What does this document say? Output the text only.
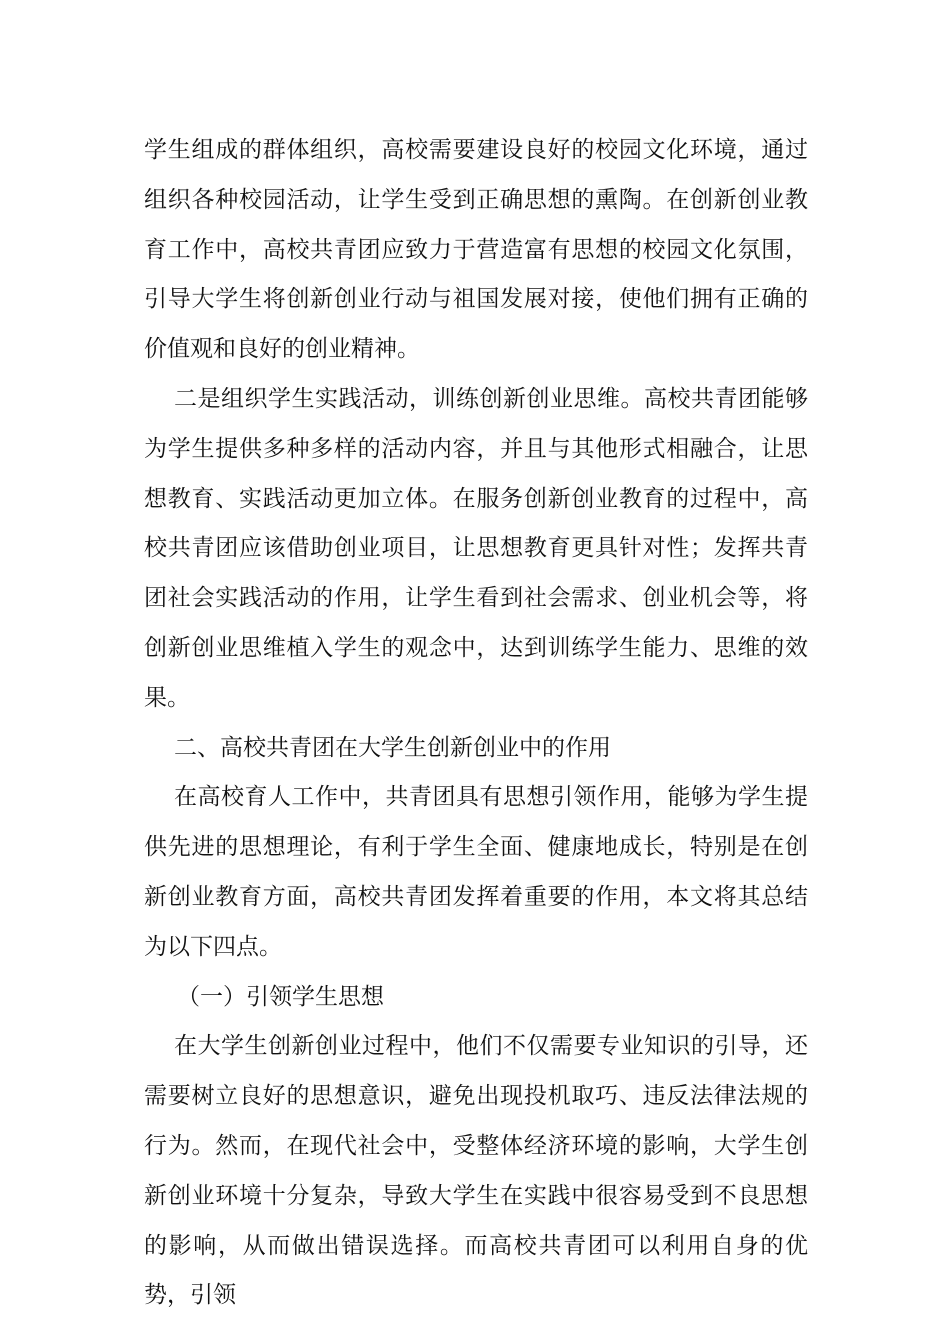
学生组成的群体组织，高校需要建设良好的校园文化环境，通过组织各种校园活动，让学生受到正确思想的熏陶。在创新创业教育工作中，高校共青团应致力于营造富有思想的校园文化氛围，引导大学生将创新创业行动与祖国发展对接，使他们拥有正确的价值观和良好的创业精神。

二是组织学生实践活动，训练创新创业思维。高校共青团能够为学生提供多种多样的活动内容，并且与其他形式相融合，让思想教育、实践活动更加立体。在服务创新创业教育的过程中，高校共青团应该借助创业项目，让思想教育更具针对性；发挥共青团社会实践活动的作用，让学生看到社会需求、创业机会等，将创新创业思维植入学生的观念中，达到训练学生能力、思维的效果。

二、高校共青团在大学生创新创业中的作用

在高校育人工作中，共青团具有思想引领作用，能够为学生提供先进的思想理论，有利于学生全面、健康地成长，特别是在创新创业教育方面，高校共青团发挥着重要的作用，本文将其总结为以下四点。

（一）引领学生思想

在大学生创新创业过程中，他们不仅需要专业知识的引导，还需要树立良好的思想意识，避免出现投机取巧、违反法律法规的行为。然而，在现代社会中，受整体经济环境的影响，大学生创新创业环境十分复杂，导致大学生在实践中很容易受到不良思想的影响，从而做出错误选择。而高校共青团可以利用自身的优势，引领
